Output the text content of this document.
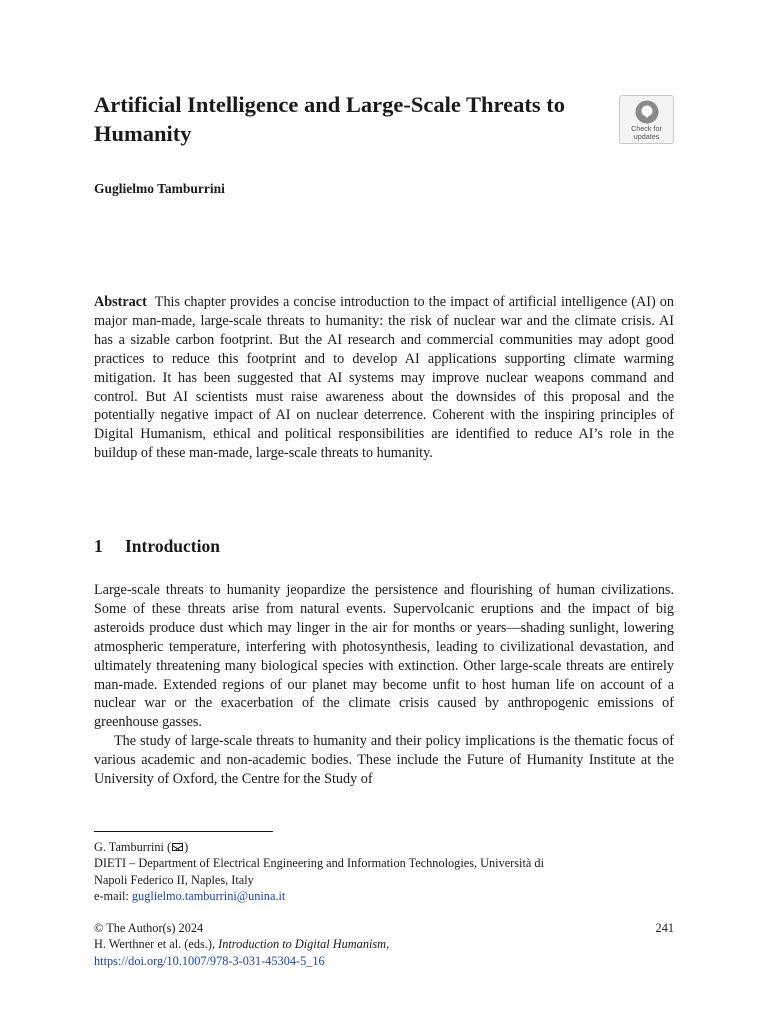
Artificial Intelligence and Large-Scale Threats to Humanity	Check for
updates

Guglielmo Tamburrini

Abstract This chapter provides a concise introduction to the impact of artificial intelligence (AI) on major man-made, large-scale threats to humanity: the risk of nuclear war and the climate crisis. AI has a sizable carbon footprint. But the AI research and commercial communities may adopt good practices to reduce this footprint and to develop AI applications supporting climate warming mitigation. It has been suggested that AI systems may improve nuclear weapons command and control. But AI scientists must raise awareness about the downsides of this proposal and the potentially negative impact of AI on nuclear deterrence. Coherent with the inspiring principles of Digital Humanism, ethical and political responsibilities are identified to reduce AI’s role in the buildup of these man-made, large-scale threats to humanity.

1 Introduction

Large-scale threats to humanity jeopardize the persistence and flourishing of human civilizations. Some of these threats arise from natural events. Supervolcanic eruptions and the impact of big asteroids produce dust which may linger in the air for months or years—shading sunlight, lowering atmospheric temperature, interfering with photosynthesis, leading to civilizational devastation, and ultimately threatening many biological species with extinction. Other large-scale threats are entirely man-made. Extended regions of our planet may become unfit to host human life on account of a nuclear war or the exacerbation of the climate crisis caused by anthropogenic emissions of greenhouse gasses.

The study of large-scale threats to humanity and their policy implications is the thematic focus of various academic and non-academic bodies. These include the Future of Humanity Institute at the University of Oxford, the Centre for the Study of

G. Tamburrini ( )
DIETI – Department of Electrical Engineering and Information Technologies, Università di
Napoli Federico II, Naples, Italy
e-mail: guglielmo.tamburrini@unina.it
© The Author(s) 2024	241
H. Werthner et al. (eds.), Introduction to Digital Humanism,
https://doi.org/10.1007/978-3-031-45304-5_16
